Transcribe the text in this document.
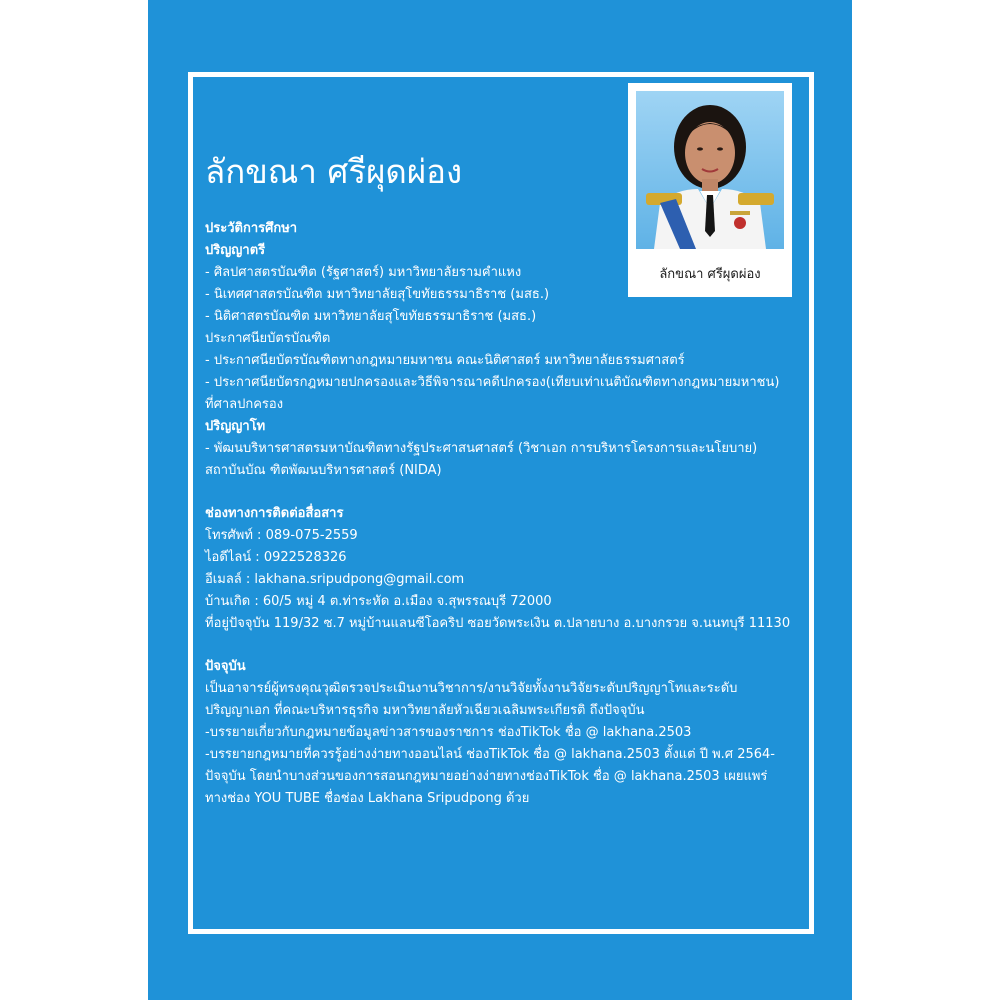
ลักขณา ศรีผุดผ่อง
ลักขณา ศรีผุดผ่อง
ประวัติการศึกษา
ปริญญาตรี
- ศิลปศาสตรบัณฑิต (รัฐศาสตร์) มหาวิทยาลัยรามคำแหง
- นิเทศศาสตรบัณฑิต มหาวิทยาลัยสุโขทัยธรรมาธิราช (มสธ.)
- นิติศาสตรบัณฑิต มหาวิทยาลัยสุโขทัยธรรมาธิราช (มสธ.)
ประกาศนียบัตรบัณฑิต
- ประกาศนียบัตรบัณฑิตทางกฎหมายมหาชน คณะนิติศาสตร์ มหาวิทยาลัยธรรมศาสตร์
- ประกาศนียบัตรกฎหมายปกครองและวิธีพิจารณาคดีปกครอง(เทียบเท่าเนติบัณฑิตทางกฎหมายมหาชน)
ที่ศาลปกครอง
ปริญญาโท
- พัฒนบริหารศาสตรมหาบัณฑิตทางรัฐประศาสนศาสตร์ (วิชาเอก การบริหารโครงการและนโยบาย)
สถาบันบัณ ฑิตพัฒนบริหารศาสตร์ (NIDA)
ช่องทางการติดต่อสื่อสาร
โทรศัพท์ : 089-075-2559
ไอดีไลน์ : 0922528326
อีเมลล์ : lakhana.sripudpong@gmail.com
บ้านเกิด : 60/5 หมู่ 4 ต.ท่าระหัด อ.เมือง จ.สุพรรณบุรี 72000
ที่อยู่ปัจจุบัน 119/32 ซ.7 หมู่บ้านแลนซีโอคริป ซอยวัดพระเงิน ต.ปลายบาง อ.บางกรวย จ.นนทบุรี 11130
ปัจจุบัน
เป็นอาจารย์ผู้ทรงคุณวุฒิตรวจประเมินงานวิชาการ/งานวิจัยทั้งงานวิจัยระดับปริญญาโทและระดับ
ปริญญาเอก ที่คณะบริหารธุรกิจ มหาวิทยาลัยหัวเฉียวเฉลิมพระเกียรติ ถึงปัจจุบัน
-บรรยายเกี่ยวกับกฎหมายข้อมูลข่าวสารของราชการ ช่องTikTok ชื่อ @ lakhana.2503
-บรรยายกฎหมายที่ควรรู้อย่างง่ายทางออนไลน์ ช่องTikTok ชื่อ @ lakhana.2503 ตั้งแต่ ปี พ.ศ 2564-
ปัจจุบัน โดยนำบางส่วนของการสอนกฎหมายอย่างง่ายทางช่องTikTok ชื่อ @ lakhana.2503 เผยแพร่
ทางช่อง YOU TUBE ชื่อช่อง Lakhana Sripudpong ด้วย
